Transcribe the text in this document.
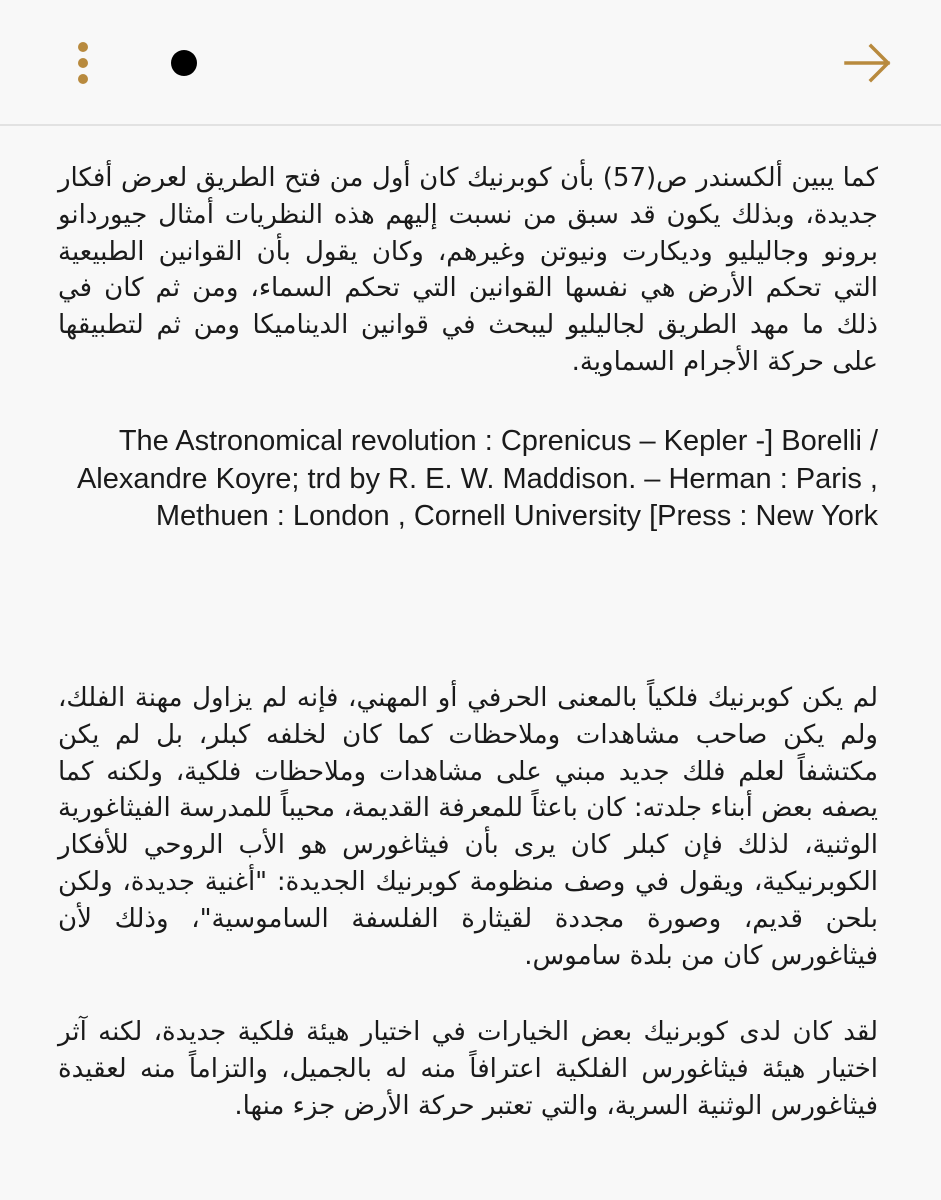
كما يبين ألكسندر ص(57) بأن كوبرنيك كان أول من فتح الطريق لعرض أفكار جديدة، وبذلك يكون قد سبق من نسبت إليهم هذه النظريات أمثال جيوردانو برونو وجاليليو وديكارت ونيوتن وغيرهم، وكان يقول بأن القوانين الطبيعية التي تحكم الأرض هي نفسها القوانين التي تحكم السماء، ومن ثم كان في ذلك ما مهد الطريق لجاليليو ليبحث في قوانين الديناميكا ومن ثم لتطبيقها على حركة الأجرام السماوية.

The Astronomical revolution : Cprenicus – Kepler -] Borelli / Alexandre Koyre; trd by R. E. W. Maddison. – Herman : Paris , Methuen : London , Cornell University [Press : New York

لم يكن كوبرنيك فلكياً بالمعنى الحرفي أو المهني، فإنه لم يزاول مهنة الفلك، ولم يكن صاحب مشاهدات وملاحظات كما كان لخلفه كبلر، بل لم يكن مكتشفاً لعلم فلك جديد مبني على مشاهدات وملاحظات فلكية، ولكنه كما يصفه بعض أبناء جلدته: كان باعثاً للمعرفة القديمة، محيباً للمدرسة الفيثاغورية الوثنية، لذلك فإن كبلر كان يرى بأن فيثاغورس هو الأب الروحي للأفكار الكوبرنيكية، ويقول في وصف منظومة كوبرنيك الجديدة: "أغنية جديدة، ولكن بلحن قديم، وصورة مجددة لقيثارة الفلسفة الساموسية"، وذلك لأن فيثاغورس كان من بلدة ساموس.

لقد كان لدى كوبرنيك بعض الخيارات في اختيار هيئة فلكية جديدة، لكنه آثر اختيار هيئة فيثاغورس الفلكية اعترافاً منه له بالجميل، والتزاماً منه لعقيدة فيثاغورس الوثنية السرية، والتي تعتبر حركة الأرض جزء منها.
